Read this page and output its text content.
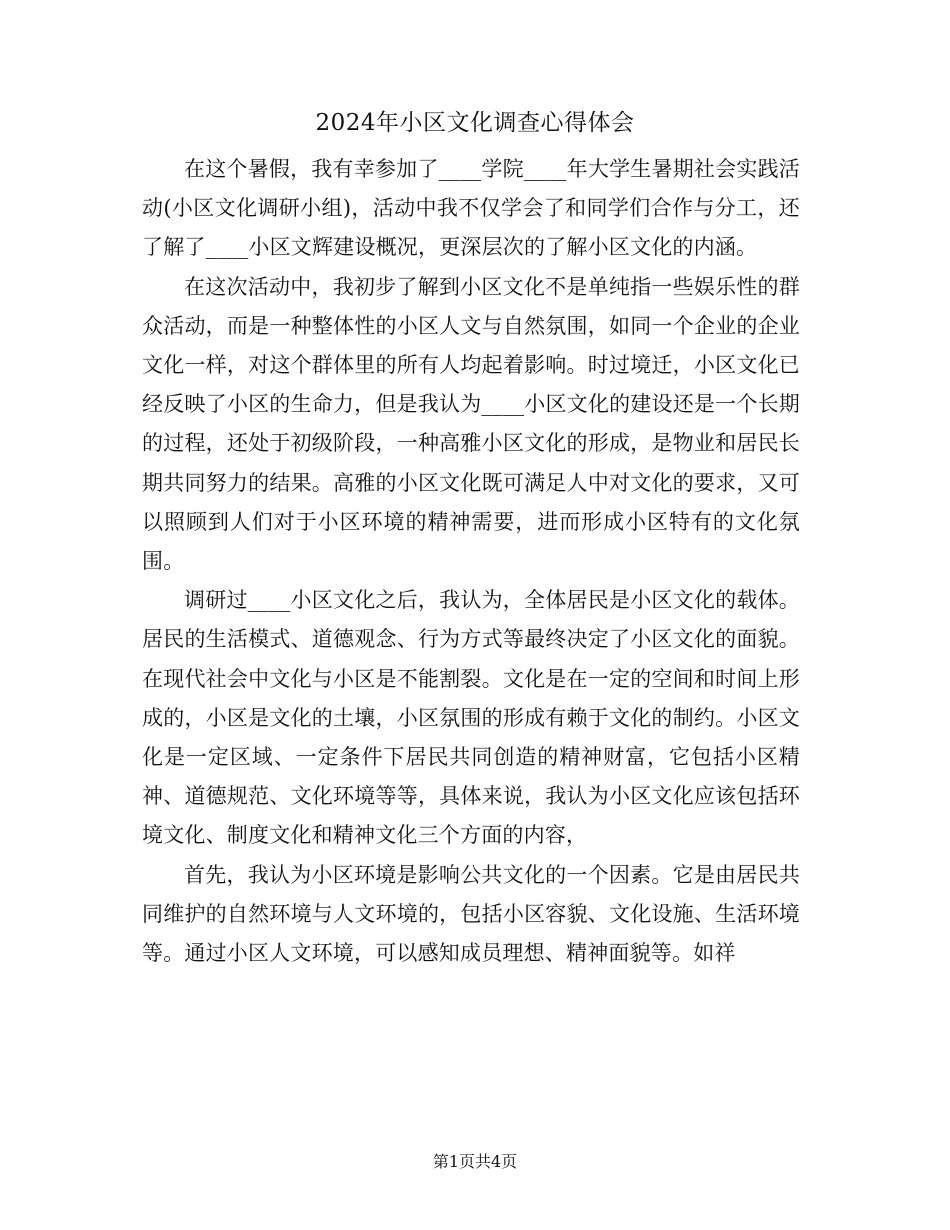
2024年小区文化调查心得体会

在这个暑假，我有幸参加了____学院____年大学生暑期社会实践活动(小区文化调研小组)，活动中我不仅学会了和同学们合作与分工，还了解了____小区文辉建设概况，更深层次的了解小区文化的内涵。

在这次活动中，我初步了解到小区文化不是单纯指一些娱乐性的群众活动，而是一种整体性的小区人文与自然氛围，如同一个企业的企业文化一样，对这个群体里的所有人均起着影响。时过境迁，小区文化已经反映了小区的生命力，但是我认为____小区文化的建设还是一个长期的过程，还处于初级阶段，一种高雅小区文化的形成，是物业和居民长期共同努力的结果。高雅的小区文化既可满足人中对文化的要求，又可以照顾到人们对于小区环境的精神需要，进而形成小区特有的文化氛围。

调研过____小区文化之后，我认为，全体居民是小区文化的载体。居民的生活模式、道德观念、行为方式等最终决定了小区文化的面貌。在现代社会中文化与小区是不能割裂。文化是在一定的空间和时间上形成的，小区是文化的土壤，小区氛围的形成有赖于文化的制约。小区文化是一定区域、一定条件下居民共同创造的精神财富，它包括小区精神、道德规范、文化环境等等，具体来说，我认为小区文化应该包括环境文化、制度文化和精神文化三个方面的内容，

首先，我认为小区环境是影响公共文化的一个因素。它是由居民共同维护的自然环境与人文环境的，包括小区容貌、文化设施、生活环境等。通过小区人文环境，可以感知成员理想、精神面貌等。如祥

第1页共4页
